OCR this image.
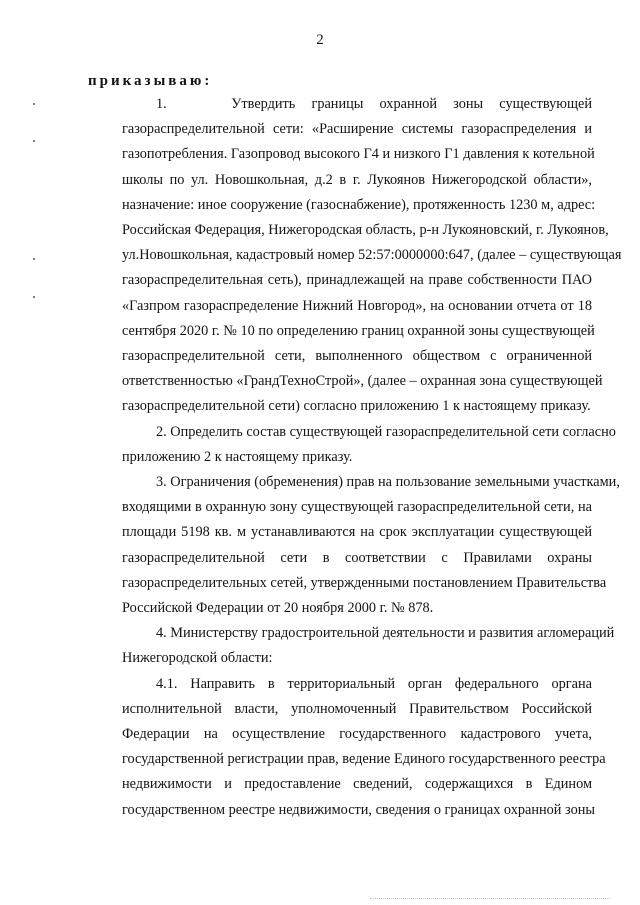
2
приказываю:
1.    Утвердить границы охранной зоны существующей
газораспределительной сети: «Расширение системы газораспределения и
газопотребления. Газопровод высокого Г4 и низкого Г1 давления к котельной
школы по ул. Новошкольная, д.2 в г. Лукоянов Нижегородской области»,
назначение: иное сооружение (газоснабжение), протяженность 1230 м, адрес:
Российская Федерация, Нижегородская область, р-н Лукояновский, г. Лукоянов,
ул.Новошкольная, кадастровый номер 52:57:0000000:647, (далее – существующая
газораспределительная сеть), принадлежащей на праве собственности ПАО
«Газпром газораспределение Нижний Новгород», на основании отчета от 18
сентября 2020 г. № 10 по определению границ охранной зоны существующей
газораспределительной сети, выполненного обществом с ограниченной
ответственностью «ГрандТехноСтрой», (далее – охранная зона существующей
газораспределительной сети) согласно приложению 1 к настоящему приказу.
2. Определить состав существующей газораспределительной сети согласно
приложению 2 к настоящему приказу.
3. Ограничения (обременения) прав на пользование земельными участками,
входящими в охранную зону существующей газораспределительной сети, на
площади 5198 кв. м устанавливаются на срок эксплуатации существующей
газораспределительной сети в соответствии с Правилами охраны
газораспределительных сетей, утвержденными постановлением Правительства
Российской Федерации от 20 ноября 2000 г. № 878.
4. Министерству градостроительной деятельности и развития агломераций
Нижегородской области:
4.1. Направить в территориальный орган федерального органа
исполнительной власти, уполномоченный Правительством Российской
Федерации на осуществление государственного кадастрового учета,
государственной регистрации прав, ведение Единого государственного реестра
недвижимости и предоставление сведений, содержащихся в Едином
государственном реестре недвижимости, сведения о границах охранной зоны
